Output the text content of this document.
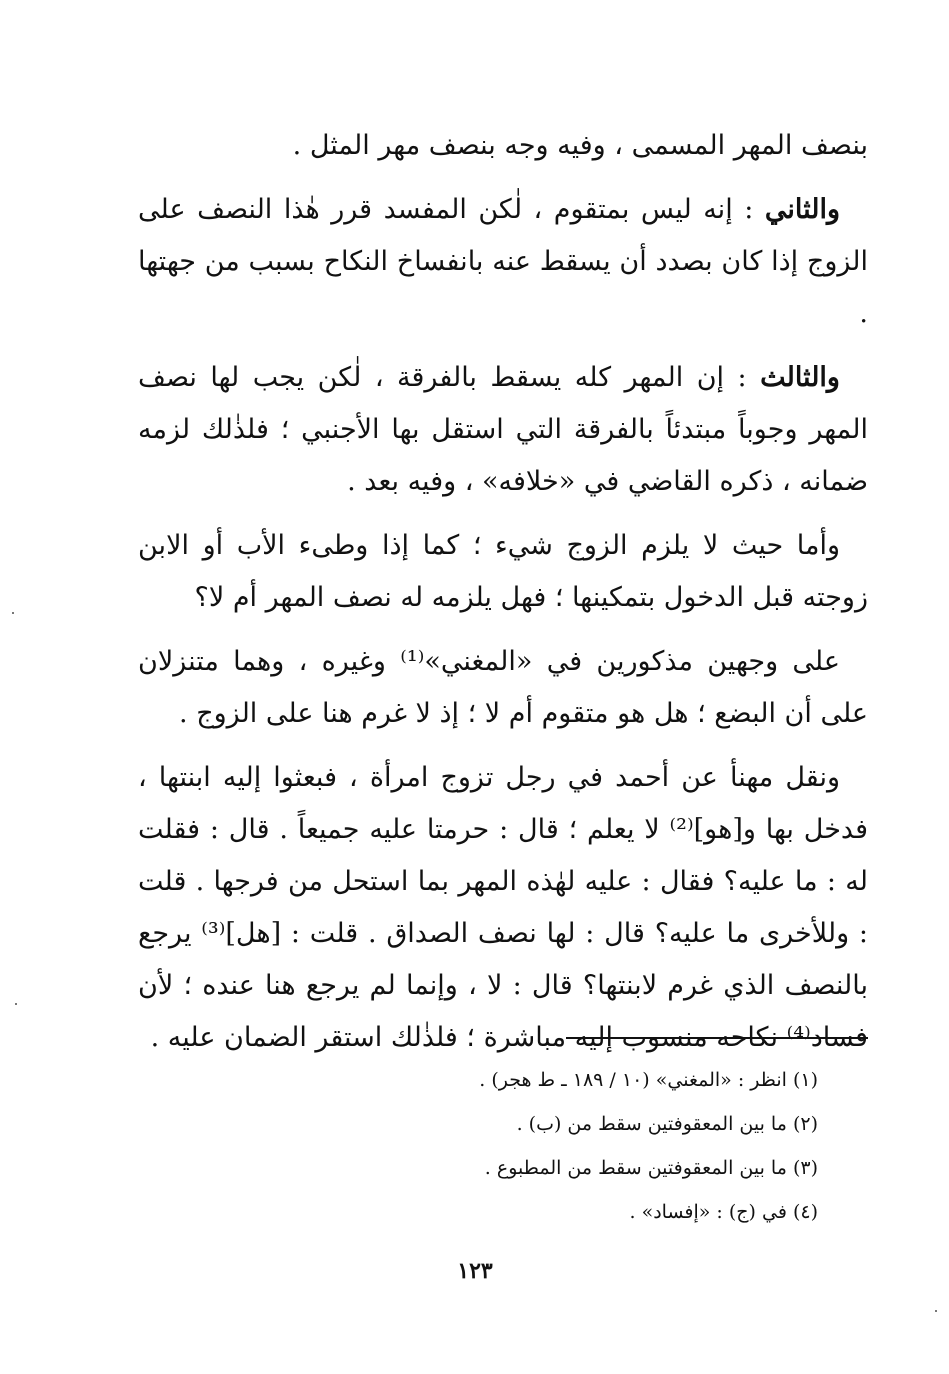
بنصف المهر المسمى ، وفيه وجه بنصف مهر المثل .

والثاني : إنه ليس بمتقوم ، لٰكن المفسد قرر هٰذا النصف على الزوج إذا كان بصدد أن يسقط عنه بانفساخ النكاح بسبب من جهتها .

والثالث : إن المهر كله يسقط بالفرقة ، لٰكن يجب لها نصف المهر وجوباً مبتدئاً بالفرقة التي استقل بها الأجنبي ؛ فلذٰلك لزمه ضمانه ، ذكره القاضي في «خلافه» ، وفيه بعد .

وأما حيث لا يلزم الزوج شيء ؛ كما إذا وطىء الأب أو الابن زوجته قبل الدخول بتمكينها ؛ فهل يلزمه له نصف المهر أم لا؟

على وجهين مذكورين في «المغني»⁽¹⁾ وغيره ، وهما متنزلان على أن البضع ؛ هل هو متقوم أم لا ؛ إذ لا غرم هنا على الزوج .

ونقل مهنأ عن أحمد في رجل تزوج امرأة ، فبعثوا إليه ابنتها ، فدخل بها و[هو]⁽²⁾ لا يعلم ؛ قال : حرمتا عليه جميعاً . قال : فقلت له : ما عليه؟ فقال : عليه لهٰذه المهر بما استحل من فرجها . قلت : وللأخرى ما عليه؟ قال : لها نصف الصداق . قلت : [هل]⁽³⁾ يرجع بالنصف الذي غرم لابنتها؟ قال : لا ، وإنما لم يرجع هنا عنده ؛ لأن فساد⁽⁴⁾ نكاحه منسوب إليه مباشرة ؛ فلذٰلك استقر الضمان عليه .

(١) انظر : «المغني» (١٠ / ١٨٩ ـ ط هجر) .

(٢) ما بين المعقوفتين سقط من (ب) .

(٣) ما بين المعقوفتين سقط من المطبوع .

(٤) في (ج) : «إفساد» .

١٢٣
